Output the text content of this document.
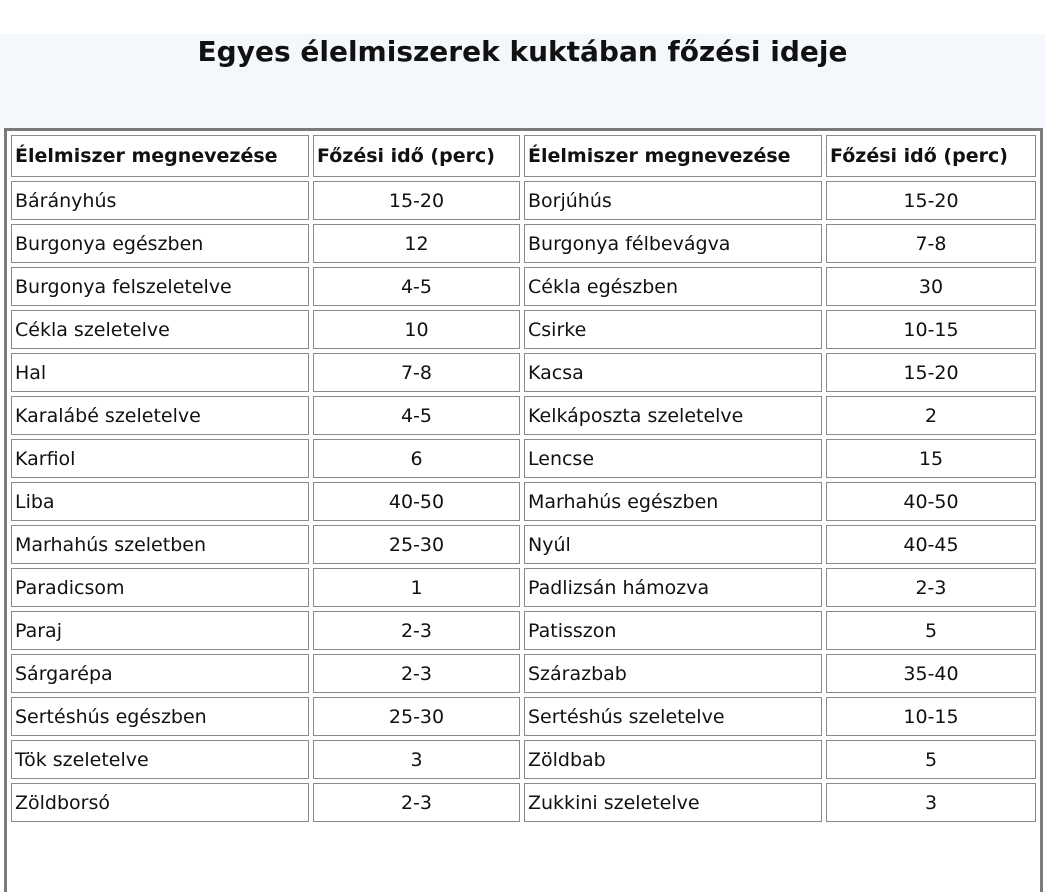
Egyes élelmiszerek kuktában főzési ideje
Élelmiszer megnevezése	Főzési idő (perc)	Élelmiszer megnevezése	Főzési idő (perc)
Bárányhús	15-20	Borjúhús	15-20
Burgonya egészben	12	Burgonya félbevágva	7-8
Burgonya felszeletelve	4-5	Cékla egészben	30
Cékla szeletelve	10	Csirke	10-15
Hal	7-8	Kacsa	15-20
Karalábé szeletelve	4-5	Kelkáposzta szeletelve	2
Karfiol	6	Lencse	15
Liba	40-50	Marhahús egészben	40-50
Marhahús szeletben	25-30	Nyúl	40-45
Paradicsom	1	Padlizsán hámozva	2-3
Paraj	2-3	Patisszon	5
Sárgarépa	2-3	Szárazbab	35-40
Sertéshús egészben	25-30	Sertéshús szeletelve	10-15
Tök szeletelve	3	Zöldbab	5
Zöldborsó	2-3	Zukkini szeletelve	3
